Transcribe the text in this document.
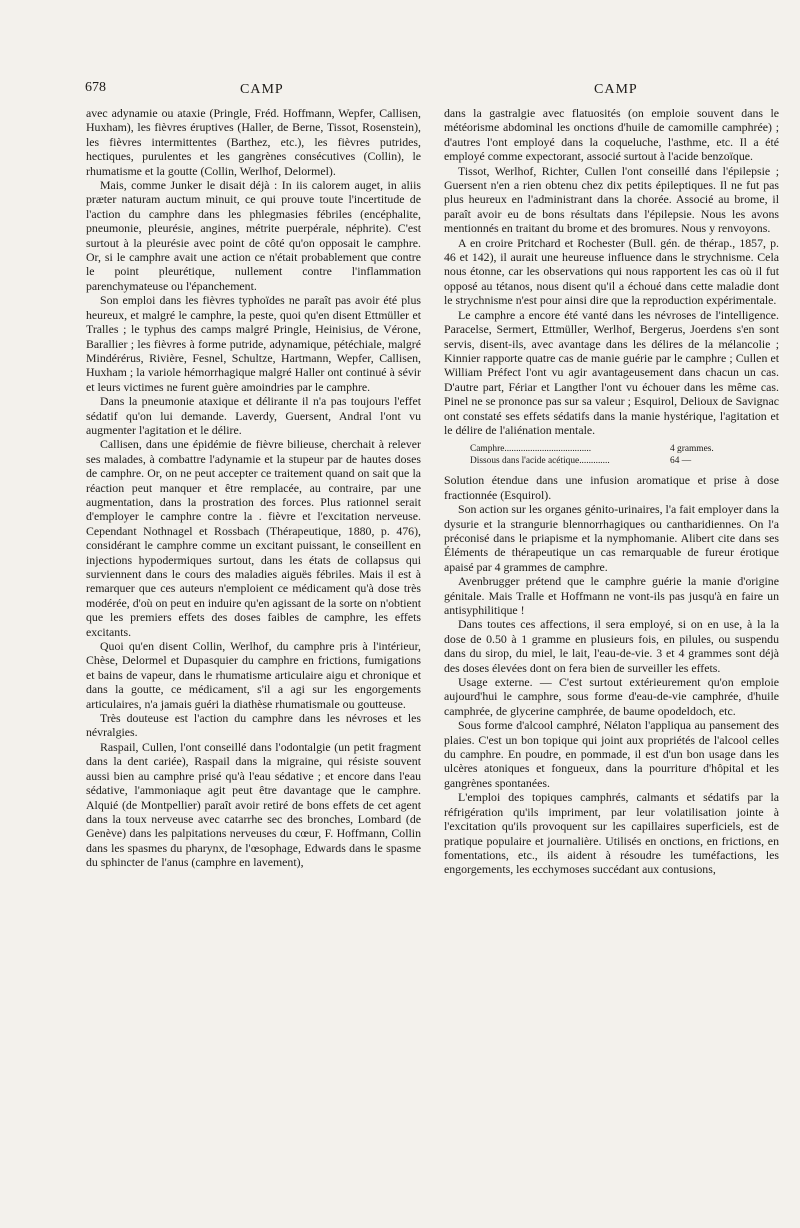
678	CAMP	CAMP

avec adynamie ou ataxie (Pringle, Fréd. Hoffmann, Wepfer, Callisen, Huxham), les fièvres éruptives (Haller, de Berne, Tissot, Rosenstein), les fièvres intermittentes (Barthez, etc.), les fièvres putrides, hectiques, purulentes et les gangrènes consécutives (Collin), le rhumatisme et la goutte (Collin, Werlhof, Delormel).

Mais, comme Junker le disait déjà : In iis calorem auget, in aliis præter naturam auctum minuit, ce qui prouve toute l'incertitude de l'action du camphre dans les phlegmasies fébriles (encéphalite, pneumonie, pleurésie, angines, métrite puerpérale, néphrite). C'est surtout à la pleurésie avec point de côté qu'on opposait le camphre. Or, si le camphre avait une action ce n'était probablement que contre le point pleurétique, nullement contre l'inflammation parenchymateuse ou l'épanchement.

Son emploi dans les fièvres typhoïdes ne paraît pas avoir été plus heureux, et malgré le camphre, la peste, quoi qu'en disent Ettmüller et Tralles ; le typhus des camps malgré Pringle, Heinisius, de Vérone, Barallier ; les fièvres à forme putride, adynamique, pétéchiale, malgré Mindérérus, Rivière, Fesnel, Schultze, Hartmann, Wepfer, Callisen, Huxham ; la variole hémorrhagique malgré Haller ont continué à sévir et leurs victimes ne furent guère amoindries par le camphre.

Dans la pneumonie ataxique et délirante il n'a pas toujours l'effet sédatif qu'on lui demande. Laverdy, Guersent, Andral l'ont vu augmenter l'agitation et le délire.

Callisen, dans une épidémie de fièvre bilieuse, cherchait à relever ses malades, à combattre l'adynamie et la stupeur par de hautes doses de camphre. Or, on ne peut accepter ce traitement quand on sait que la réaction peut manquer et être remplacée, au contraire, par une augmentation, dans la prostration des forces. Plus rationnel serait d'employer le camphre contre la . fièvre et l'excitation nerveuse. Cependant Nothnagel et Rossbach (Thérapeutique, 1880, p. 476), considérant le camphre comme un excitant puissant, le conseillent en injections hypodermiques surtout, dans les états de collapsus qui surviennent dans le cours des maladies aiguës fébriles. Mais il est à remarquer que ces auteurs n'emploient ce médicament qu'à dose très modérée, d'où on peut en induire qu'en agissant de la sorte on n'obtient que les premiers effets des doses faibles de camphre, les effets excitants.

Quoi qu'en disent Collin, Werlhof, du camphre pris à l'intérieur, Chèse, Delormel et Dupasquier du camphre en frictions, fumigations et bains de vapeur, dans le rhumatisme articulaire aigu et chronique et dans la goutte, ce médicament, s'il a agi sur les engorgements articulaires, n'a jamais guéri la diathèse rhumatismale ou goutteuse.

Très douteuse est l'action du camphre dans les névroses et les névralgies.

Raspail, Cullen, l'ont conseillé dans l'odontalgie (un petit fragment dans la dent cariée), Raspail dans la migraine, qui résiste souvent aussi bien au camphre prisé qu'à l'eau sédative ; et encore dans l'eau sédative, l'ammoniaque agit peut être davantage que le camphre. Alquié (de Montpellier) paraît avoir retiré de bons effets de cet agent dans la toux nerveuse avec catarrhe sec des bronches, Lombard (de Genève) dans les palpitations nerveuses du cœur, F. Hoffmann, Collin dans les spasmes du pharynx, de l'œsophage, Edwards dans le spasme du sphincter de l'anus (camphre en lavement),

dans la gastralgie avec flatuosités (on emploie souvent dans le météorisme abdominal les onctions d'huile de camomille camphrée) ; d'autres l'ont employé dans la coqueluche, l'asthme, etc. Il a été employé comme expectorant, associé surtout à l'acide benzoïque.

Tissot, Werlhof, Richter, Cullen l'ont conseillé dans l'épilepsie ; Guersent n'en a rien obtenu chez dix petits épileptiques. Il ne fut pas plus heureux en l'administrant dans la chorée. Associé au brome, il paraît avoir eu de bons résultats dans l'épilepsie. Nous les avons mentionnés en traitant du brome et des bromures. Nous y renvoyons.

A en croire Pritchard et Rochester (Bull. gén. de thérap., 1857, p. 46 et 142), il aurait une heureuse influence dans le strychnisme. Cela nous étonne, car les observations qui nous rapportent les cas où il fut opposé au tétanos, nous disent qu'il a échoué dans cette maladie dont le strychnisme n'est pour ainsi dire que la reproduction expérimentale.

Le camphre a encore été vanté dans les névroses de l'intelligence. Paracelse, Sermert, Ettmüller, Werlhof, Bergerus, Joerdens s'en sont servis, disent-ils, avec avantage dans les délires de la mélancolie ; Kinnier rapporte quatre cas de manie guérie par le camphre ; Cullen et William Préfect l'ont vu agir avantageusement dans chacun un cas. D'autre part, Fériar et Langther l'ont vu échouer dans les même cas. Pinel ne se prononce pas sur sa valeur ; Esquirol, Delioux de Savignac ont constaté ses effets sédatifs dans la manie hystérique, l'agitation et le délire de l'aliénation mentale.

Camphre.....................................	4 grammes.
Dissous dans l'acide acétique.............	64 —

Solution étendue dans une infusion aromatique et prise à dose fractionnée (Esquirol).

Son action sur les organes génito-urinaires, l'a fait employer dans la dysurie et la strangurie blennorrhagiques ou cantharidiennes. On l'a préconisé dans le priapisme et la nymphomanie. Alibert cite dans ses Éléments de thérapeutique un cas remarquable de fureur érotique apaisé par 4 grammes de camphre.

Avenbrugger prétend que le camphre guérie la manie d'origine génitale. Mais Tralle et Hoffmann ne vont-ils pas jusqu'à en faire un antisyphilitique !

Dans toutes ces affections, il sera employé, si on en use, à la la dose de 0.50 à 1 gramme en plusieurs fois, en pilules, ou suspendu dans du sirop, du miel, le lait, l'eau-de-vie. 3 et 4 grammes sont déjà des doses élevées dont on fera bien de surveiller les effets.

Usage externe. — C'est surtout extérieurement qu'on emploie aujourd'hui le camphre, sous forme d'eau-de-vie camphrée, d'huile camphrée, de glycerine camphrée, de baume opodeldoch, etc.

Sous forme d'alcool camphré, Nélaton l'appliqua au pansement des plaies. C'est un bon topique qui joint aux propriétés de l'alcool celles du camphre. En poudre, en pommade, il est d'un bon usage dans les ulcères atoniques et fongueux, dans la pourriture d'hôpital et les gangrènes spontanées.

L'emploi des topiques camphrés, calmants et sédatifs par la réfrigération qu'ils impriment, par leur volatilisation jointe à l'excitation qu'ils provoquent sur les capillaires superficiels, est de pratique populaire et journalière. Utilisés en onctions, en frictions, en fomentations, etc., ils aident à résoudre les tuméfactions, les engorgements, les ecchymoses succédant aux contusions,
